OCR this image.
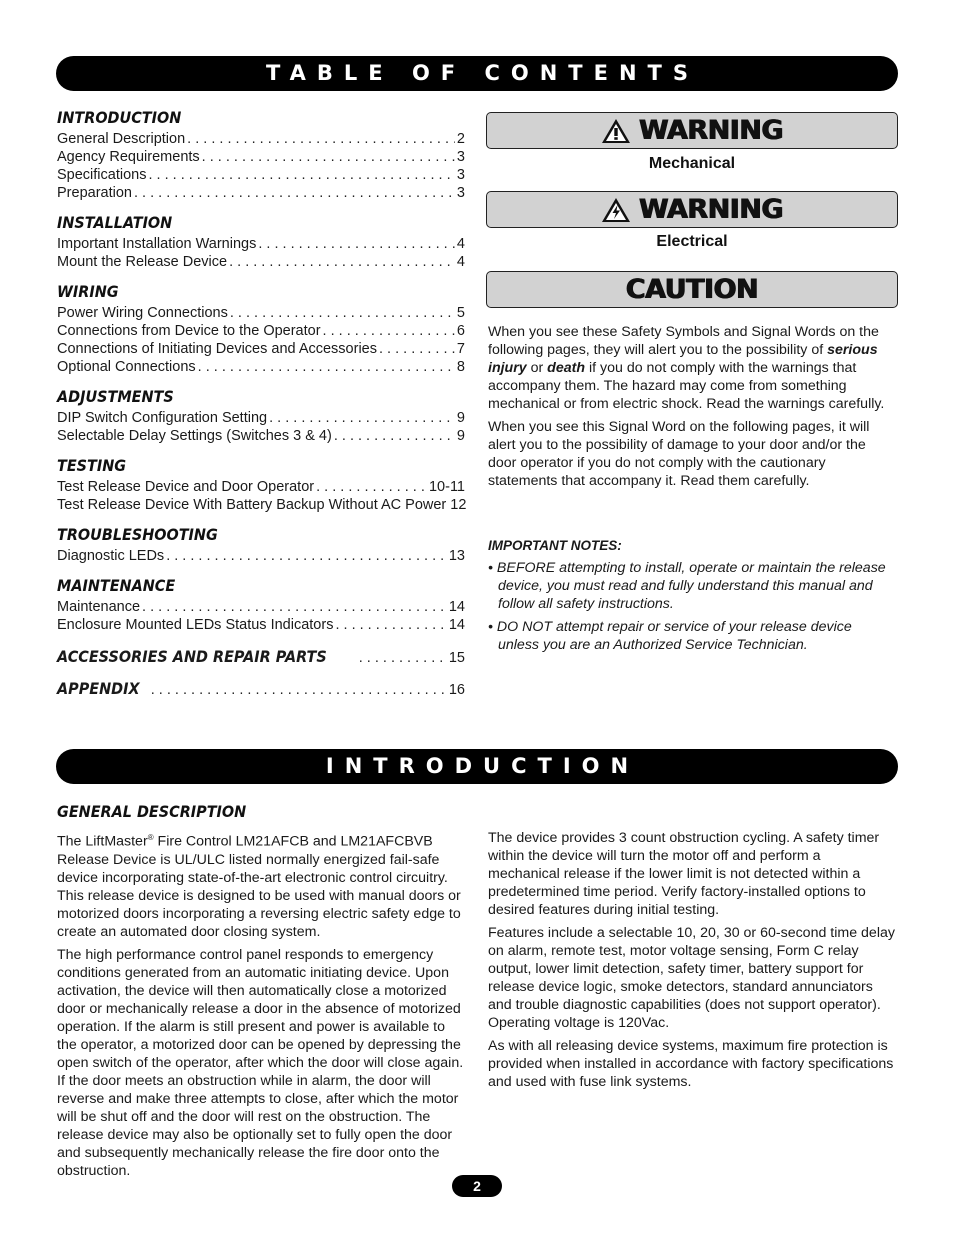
TABLE OF CONTENTS
INTRODUCTION
General Description . . .	2
Agency Requirements . . .	3
Specifications . . .	3
Preparation . . .	3
INSTALLATION
Important Installation Warnings . . .	4
Mount the Release Device . . .	4
WIRING
Power Wiring Connections . . .	5
Connections from Device to the Operator . . .	6
Connections of Initiating Devices and Accessories . . .	7
Optional Connections . . .	8
ADJUSTMENTS
DIP Switch Configuration Setting . . .	9
Selectable Delay Settings (Switches 3 & 4) . . .	9
TESTING
Test Release Device and Door Operator . . .	10-11
Test Release Device With Battery Backup Without AC Power 12
TROUBLESHOOTING
Diagnostic LEDs . . .	13
MAINTENANCE
Maintenance . . .	14
Enclosure Mounted LEDs Status Indicators . . .	14
ACCESSORIES AND REPAIR PARTS . . .	15
APPENDIX . . .	16
WARNING
Mechanical
WARNING
Electrical
CAUTION

When you see these Safety Symbols and Signal Words on the following pages, they will alert you to the possibility of serious injury or death if you do not comply with the warnings that accompany them. The hazard may come from something mechanical or from electric shock. Read the warnings carefully.

When you see this Signal Word on the following pages, it will alert you to the possibility of damage to your door and/or the door operator if you do not comply with the cautionary statements that accompany it. Read them carefully.

IMPORTANT NOTES:
• BEFORE attempting to install, operate or maintain the release device, you must read and fully understand this manual and follow all safety instructions.
• DO NOT attempt repair or service of your release device unless you are an Authorized Service Technician.
INTRODUCTION
GENERAL DESCRIPTION

The LiftMaster® Fire Control LM21AFCB and LM21AFCBVB Release Device is UL/ULC listed normally energized fail-safe device incorporating state-of-the-art electronic control circuitry. This release device is designed to be used with manual doors or motorized doors incorporating a reversing electric safety edge to create an automated door closing system.

The high performance control panel responds to emergency conditions generated from an automatic initiating device. Upon activation, the device will then automatically close a motorized door or mechanically release a door in the absence of motorized operation. If the alarm is still present and power is available to the operator, a motorized door can be opened by depressing the open switch of the operator, after which the door will close again. If the door meets an obstruction while in alarm, the door will reverse and make three attempts to close, after which the motor will be shut off and the door will rest on the obstruction. The release device may also be optionally set to fully open the door and subsequently mechanically release the fire door onto the obstruction.

The device provides 3 count obstruction cycling. A safety timer within the device will turn the motor off and perform a mechanical release if the lower limit is not detected within a predetermined time period. Verify factory-installed options to desired features during initial testing.

Features include a selectable 10, 20, 30 or 60-second time delay on alarm, remote test, motor voltage sensing, Form C relay output, lower limit detection, safety timer, battery support for release device logic, smoke detectors, standard annunciators and trouble diagnostic capabilities (does not support operator). Operating voltage is 120Vac.

As with all releasing device systems, maximum fire protection is provided when installed in accordance with factory specifications and used with fuse link systems.

2
